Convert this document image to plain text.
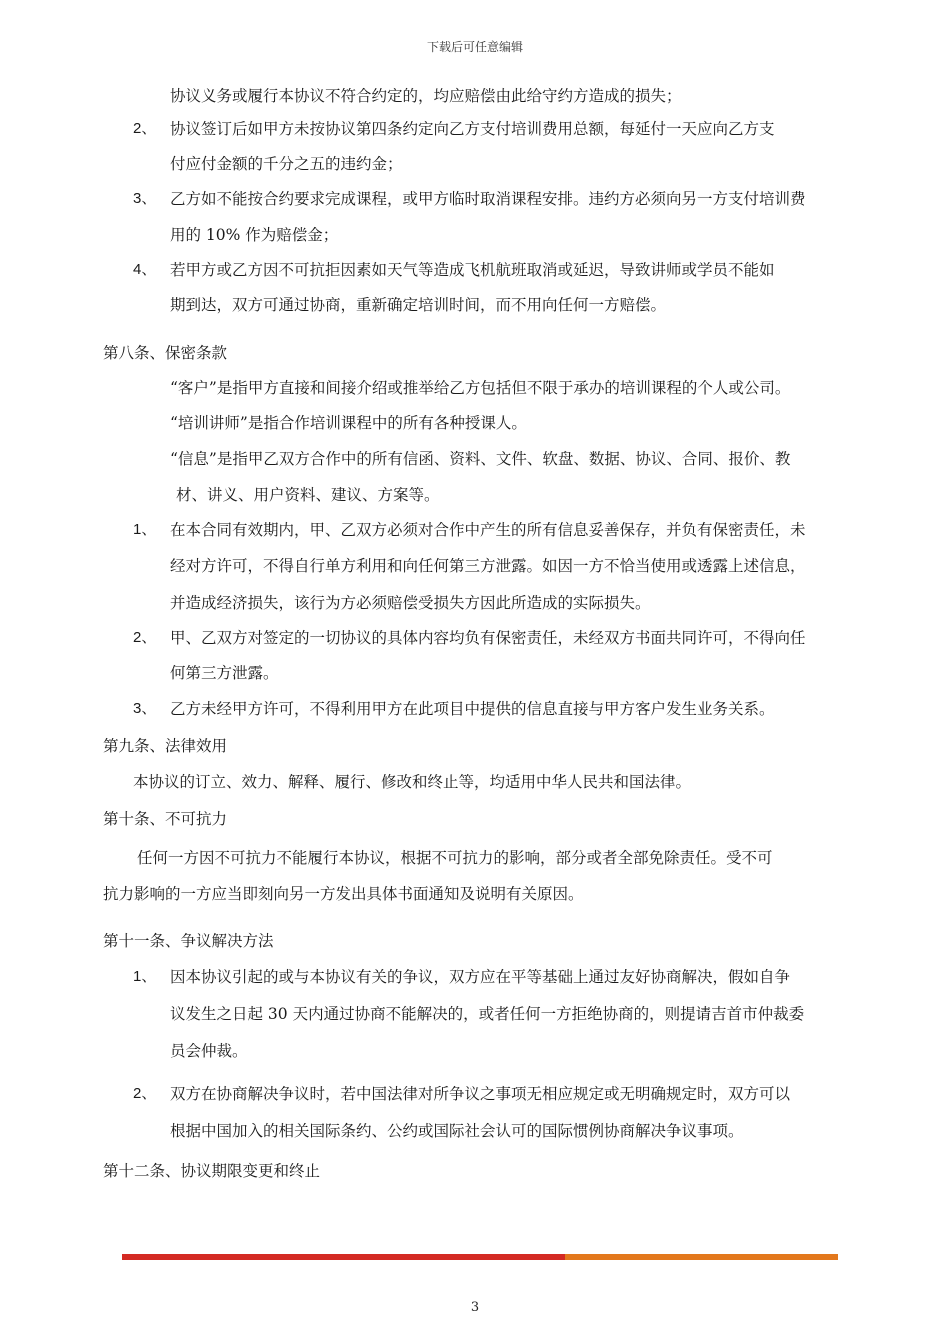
下载后可任意编辑
协议义务或履行本协议不符合约定的，均应赔偿由此给守约方造成的损失；
2、 协议签订后如甲方未按协议第四条约定向乙方支付培训费用总额，每延付一天应向乙方支
付应付金额的千分之五的违约金；
3、 乙方如不能按合约要求完成课程，或甲方临时取消课程安排。违约方必须向另一方支付培训费
用的 10% 作为赔偿金；
4、 若甲方或乙方因不可抗拒因素如天气等造成飞机航班取消或延迟，导致讲师或学员不能如
期到达，双方可通过协商，重新确定培训时间，而不用向任何一方赔偿。
第八条、保密条款
“客户”是指甲方直接和间接介绍或推举给乙方包括但不限于承办的培训课程的个人或公司。
“培训讲师”是指合作培训课程中的所有各种授课人。
“信息”是指甲乙双方合作中的所有信函、资料、文件、软盘、数据、协议、合同、报价、教
材、讲义、用户资料、建议、方案等。
1、 在本合同有效期内，甲、乙双方必须对合作中产生的所有信息妥善保存，并负有保密责任，未
经对方许可，不得自行单方利用和向任何第三方泄露。如因一方不恰当使用或透露上述信息，
并造成经济损失，该行为方必须赔偿受损失方因此所造成的实际损失。
2、 甲、乙双方对签定的一切协议的具体内容均负有保密责任，未经双方书面共同许可，不得向任
何第三方泄露。
3、 乙方未经甲方许可，不得利用甲方在此项目中提供的信息直接与甲方客户发生业务关系。
第九条、法律效用
本协议的订立、效力、解释、履行、修改和终止等，均适用中华人民共和国法律。
第十条、不可抗力
任何一方因不可抗力不能履行本协议，根据不可抗力的影响，部分或者全部免除责任。受不可
抗力影响的一方应当即刻向另一方发出具体书面通知及说明有关原因。
第十一条、争议解决方法
1、 因本协议引起的或与本协议有关的争议，双方应在平等基础上通过友好协商解决，假如自争
议发生之日起 30 天内通过协商不能解决的，或者任何一方拒绝协商的，则提请吉首市仲裁委
员会仲裁。
2、 双方在协商解决争议时，若中国法律对所争议之事项无相应规定或无明确规定时，双方可以
根据中国加入的相关国际条约、公约或国际社会认可的国际惯例协商解决争议事项。
第十二条、协议期限变更和终止
3
